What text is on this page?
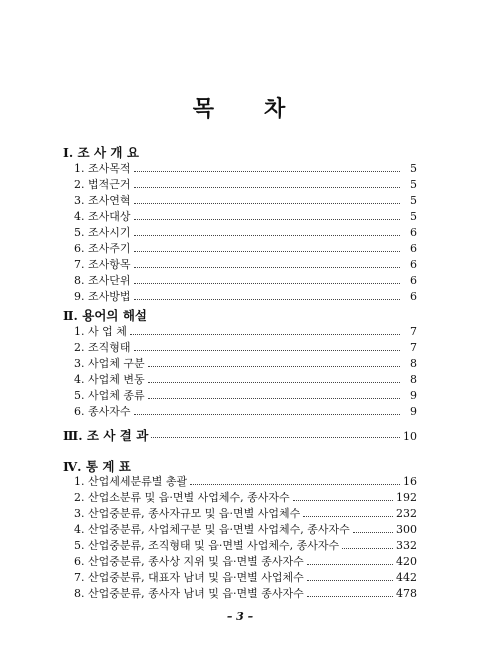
목 차
Ⅰ. 조 사 개 요
1. 조사목적	5
2. 법적근거	5
3. 조사연혁	5
4. 조사대상	5
5. 조사시기	6
6. 조사주기	6
7. 조사항목	6
8. 조사단위	6
9. 조사방법	6
Ⅱ. 용어의 해설
1. 사 업 체	7
2. 조직형태	7
3. 사업체 구분	8
4. 사업체 변동	8
5. 사업체 종류	9
6. 종사자수	9
Ⅲ. 조 사 결 과	10
Ⅳ. 통 계 표
1. 산업세세분류별 총괄	16
2. 산업소분류 및 읍·면별 사업체수, 종사자수	192
3. 산업중분류, 종사자규모 및 읍·면별 사업체수	232
4. 산업중분류, 사업체구분 및 읍·면별 사업체수, 종사자수	300
5. 산업중분류, 조직형태 및 읍·면별 사업체수, 종사자수	332
6. 산업중분류, 종사상 지위 및 읍·면별 종사자수	420
7. 산업중분류, 대표자 남녀 및 읍·면별 사업체수	442
8. 산업중분류, 종사자 남녀 및 읍·면별 종사자수	478
– 3 –
